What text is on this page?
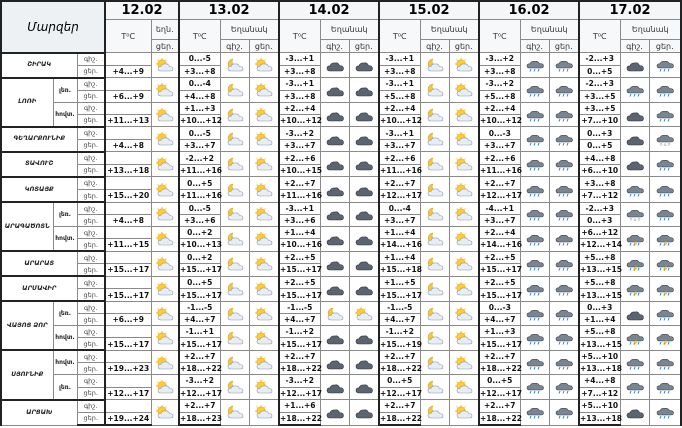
Մարզեր			12.02		13.02			14.02			15.02			16.02			17.02		
			T⁰C	եղն.	T⁰C	Եղանակ		T⁰C	Եղանակ		T⁰C	Եղանակ		T⁰C	Եղանակ		T⁰C	Եղանակ	
				ցեր.		գիշ.	ցեր.		գիշ.	ցեր.		գիշ.	ցեր.		գիշ.	ցեր.		գիշ.	ցեր.
ՇԻՐԱԿ		գիշ.			0...-5			-3...+1			-3...+1			-3...+2			-2...+3	

		ցեր.	+4...+9		+3...+8			+3...+8			+3...+8			+3...+8			0...+5		
ԼՈՌԻ	լեռ.	գիշ.			0...-4			-3...+1			-3...+1			-3...+2			-2...+3	

		ցեր.	+6...+9		+4...+8			+3...+8			+5...+8			+5...+8			+3...+5		
	հովտ.	գիշ.			+1...+3			+2...+4			+2...+4			+2...+4			+3...+5	

		ցեր.	+11...+13		+10...+12			+10...+12			+10...+12			+10...+12			+7...+10		
ԳԵՂԱՐՔՈՒՆԻՔ		գիշ.			0...-5			-3...+2			-3...+1			0...-3			0...+3	

		ցեր.	+4...+8		+3...+7			+3...+7			+3...+7			+3...+7			0...+5		
ՏԱՎՈՒՇ		գիշ.			-2...+2			+2...+6			+2...+6			+2...+6			+4...+8	

		ցեր.	+13...+18		+11...+16			+10...+15			+11...+16			+11...+16			+6...+10		
ԿՈՏԱՅՔ		գիշ.			0...+5			+2...+7			+2...+7			+2...+7			+3...+8	

		ցեր.	+15...+20		+11...+16			+11...+16			+12...+17			+12...+17			+7...+12		
ԱՐԱԳԱԾՈՏՆ	լեռ.	գիշ.			0...-5			-3...+1			0...-4			-4...+1			-2...+3	

		ցեր.	+4...+8		+3...+6			+3...+6			+3...+7			+3...+7			0...+3		
	հովտ.	գիշ.			0...+2			+1...+4			+1...+4			+2...+4			+6...+12	

		ցեր.	+11...+15		+10...+13			+10...+16			+14...+16			+14...+16			+12...+14		
ԱՐԱՐԱՏ		գիշ.			0...+2			+2...+5			+1...+4			+2...+5			+5...+8	

		ցեր.	+15...+17		+15...+17			+15...+17			+15...+18			+15...+17			+13...+15		
ԱՐՄԱՎԻՐ		գիշ.			0...+5			+2...+5			+1...+5			+2...+5			+5...+8	

		ցեր.	+15...+17		+15...+17			+15...+17			+15...+17			+15...+17			+13...+15		
ՎԱՅՈՑ ՁՈՐ	լեռ.	գիշ.			-1...-5			-1...-5			-1...-5			0...-3			0...+3	

		ցեր.	+6...+9		+4...+7			+4...+7			+4...+7			+4...+7			+1...+4		
	հովտ.	գիշ.			-1...+1			-1...+2			-1...+2			+1...+3			+5...+8	

		ցեր.	+15...+17		+15...+17			+15...+17			+15...+19			+15...+17			+13...+15		
ՍՅՈՒՆԻՔ	հովտ.	գիշ.			+2...+7			+2...+7			+2...+7			+2...+7			+5...+10	

		ցեր.	+19...+23		+18...+22			+18...+22			+18...+22			+18...+22			+13...+18		
	լեռ.	գիշ.			-3...+2			-3...+2			0...+5			0...+5			+4...+8	

		ցեր.	+12...+17		+12...+17			+12...+17			+12...+17			+12...+17			+7...+12		
ԱՐՑԱԽ		գիշ.			+2...+7			+1...+6			+2...+7			+2...+7			+5...+10	

		ցեր.	+19...+24		+18...+23			+18...+22			+18...+22			+18...+22			+13...+18		
